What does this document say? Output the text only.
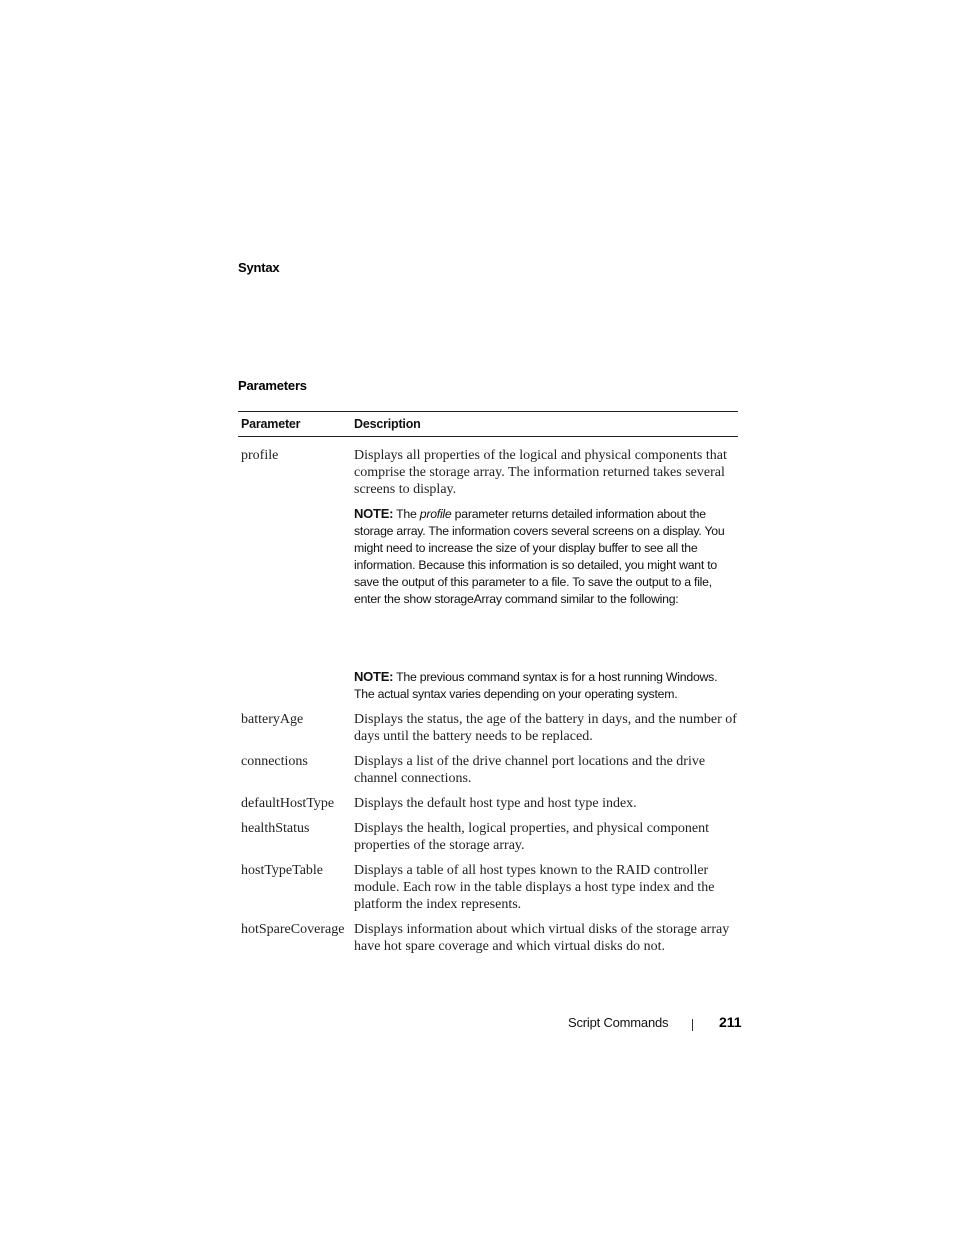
Syntax
Parameters
Parameter	Description
profile	Displays all properties of the logical and physical components that comprise the storage array. The information returned takes several screens to display.
NOTE: The profile parameter returns detailed information about the storage array. The information covers several screens on a display. You might need to increase the size of your display buffer to see all the information. Because this information is so detailed, you might want to save the output of this parameter to a file. To save the output to a file, enter the show storageArray command similar to the following:
NOTE: The previous command syntax is for a host running Windows. The actual syntax varies depending on your operating system.
batteryAge	Displays the status, the age of the battery in days, and the number of days until the battery needs to be replaced.
connections	Displays a list of the drive channel port locations and the drive channel connections.
defaultHostType	Displays the default host type and host type index.
healthStatus	Displays the health, logical properties, and physical component properties of the storage array.
hostTypeTable	Displays a table of all host types known to the RAID controller module. Each row in the table displays a host type index and the platform the index represents.
hotSpareCoverage Displays information about which virtual disks of the storage array have hot spare coverage and which virtual disks do not.
Script Commands	211
